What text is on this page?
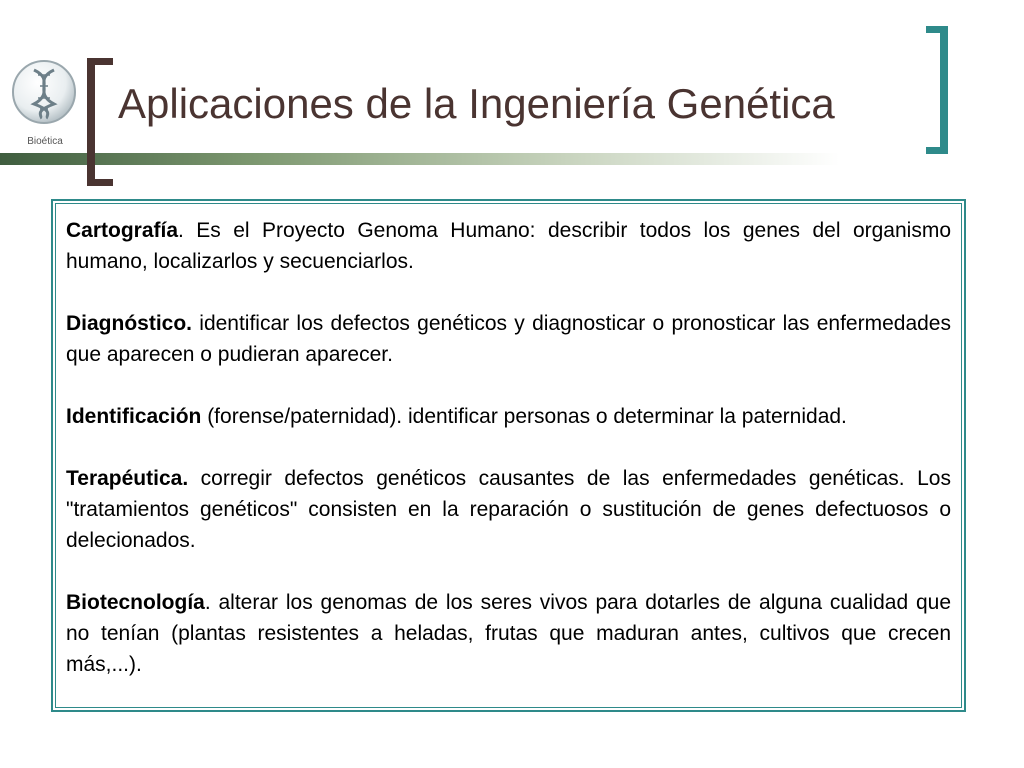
Bioética
Aplicaciones de la Ingeniería Genética

Cartografía. Es el Proyecto Genoma Humano: describir todos los genes del organismo humano, localizarlos y secuenciarlos.

Diagnóstico. identificar los defectos genéticos y diagnosticar o pronosticar las enfermedades que aparecen o pudieran aparecer.

Identificación (forense/paternidad). identificar personas o determinar la paternidad.

Terapéutica. corregir defectos genéticos causantes de las enfermedades genéticas. Los "tratamientos genéticos" consisten en la reparación o sustitución de genes defectuosos o delecionados.

Biotecnología. alterar los genomas de los seres vivos para dotarles de alguna cualidad que no tenían (plantas resistentes a heladas, frutas que maduran antes, cultivos que crecen más,...).
